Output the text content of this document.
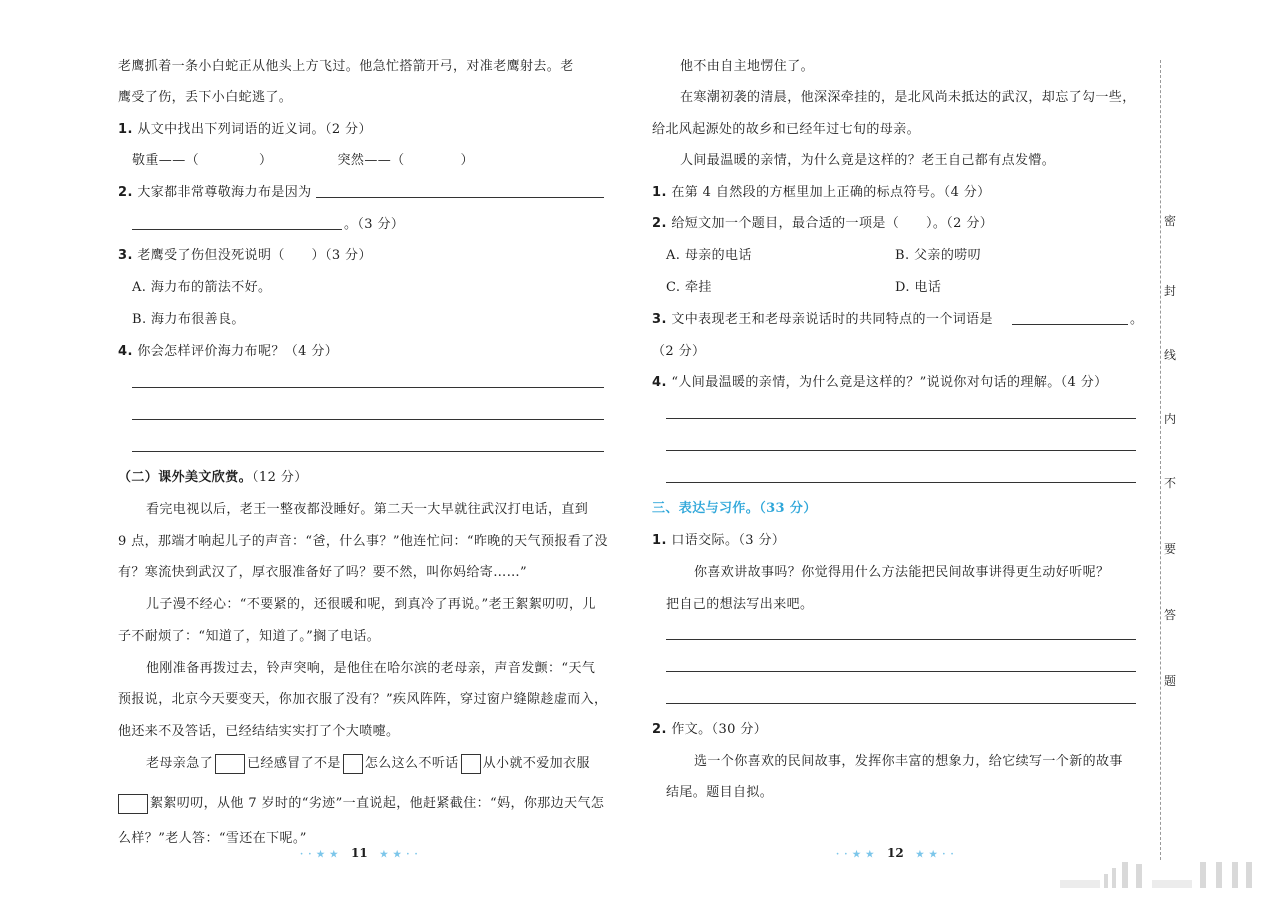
老鹰抓着一条小白蛇正从他头上方飞过。他急忙搭箭开弓，对准老鹰射去。老
鹰受了伤，丢下小白蛇逃了。
1. 从文中找出下列词语的近义词。（2 分）
敬重——（	）	突然——（	）
2. 大家都非常尊敬海力布是因为
。（3 分）
3. 老鹰受了伤但没死说明（　　）（3 分）
A. 海力布的箭法不好。
B. 海力布很善良。
4. 你会怎样评价海力布呢？（4 分）
（二）课外美文欣赏。（12 分）
看完电视以后，老王一整夜都没睡好。第二天一大早就往武汉打电话，直到
9 点，那端才响起儿子的声音：“爸，什么事？”他连忙问：“昨晚的天气预报看了没
有？寒流快到武汉了，厚衣服准备好了吗？要不然，叫你妈给寄……”
儿子漫不经心：“不要紧的，还很暖和呢，到真冷了再说。”老王絮絮叨叨，儿
子不耐烦了：“知道了，知道了。”搁了电话。
他刚准备再拨过去，铃声突响，是他住在哈尔滨的老母亲，声音发颤：“天气
预报说，北京今天要变天，你加衣服了没有？”疾风阵阵，穿过窗户缝隙趁虚而入，
他还来不及答话，已经结结实实打了个大喷嚏。
老母亲急了	已经感冒了不是 怎么这么不听话 从小就不爱加衣服
絮絮叨叨，从他 7 岁时的“劣迹”一直说起，他赶紧截住：“妈，你那边天气怎
么样？”老人答：“雪还在下呢。”
· · ★ ★ 11 ★ ★ · ·
他不由自主地愣住了。
在寒潮初袭的清晨，他深深牵挂的，是北风尚未抵达的武汉，却忘了勾一些，
给北风起源处的故乡和已经年过七旬的母亲。
人间最温暖的亲情，为什么竟是这样的？老王自己都有点发懵。
1. 在第 4 自然段的方框里加上正确的标点符号。（4 分）
2. 给短文加一个题目，最合适的一项是（　　）。（2 分）
A. 母亲的电话	B. 父亲的唠叨
C. 牵挂	D. 电话
3. 文中表现老王和老母亲说话时的共同特点的一个词语是	。
（2 分）
4. “人间最温暖的亲情，为什么竟是这样的？”说说你对句话的理解。（4 分）
三、表达与习作。（33 分）
1. 口语交际。（3 分）
你喜欢讲故事吗？你觉得用什么方法能把民间故事讲得更生动好听呢？
把自己的想法写出来吧。
2. 作文。（30 分）
选一个你喜欢的民间故事，发挥你丰富的想象力，给它续写一个新的故事
结尾。题目自拟。
· · ★ ★ 12 ★ ★ · ·
密
封
线
内
不
要
答
题
